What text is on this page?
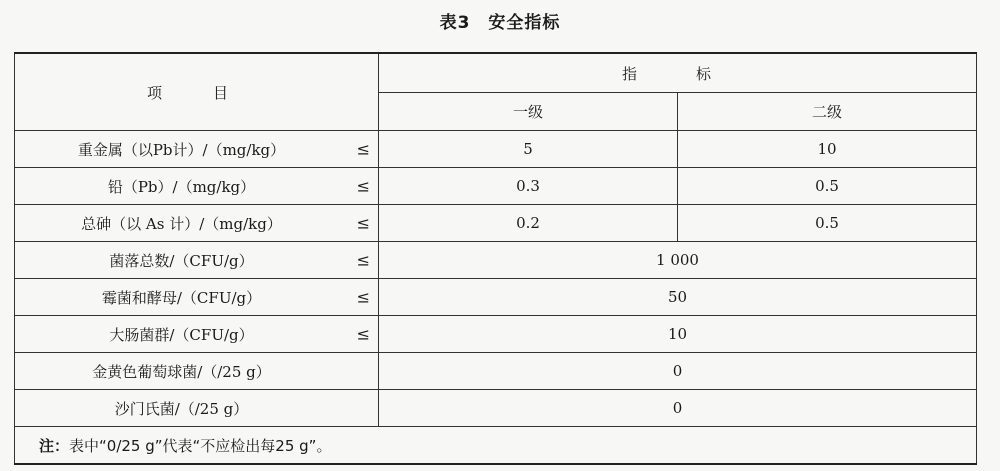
表3　安全指标
项　目	指　标	
	一级	二级
重金属（以Pb计）/（mg/kg） ≤	5	10
铅（Pb）/（mg/kg） ≤	0.3	0.5
总砷（以 As 计）/（mg/kg） ≤	0.2	0.5
菌落总数/（CFU/g） ≤	1 000	
霉菌和酵母/（CFU/g） ≤	50	
大肠菌群/（CFU/g） ≤	10	
金黄色葡萄球菌/（/25 g）	0	
沙门氏菌/（/25 g）	0	
注：表中“0/25 g”代表“不应检出每25 g”。		
